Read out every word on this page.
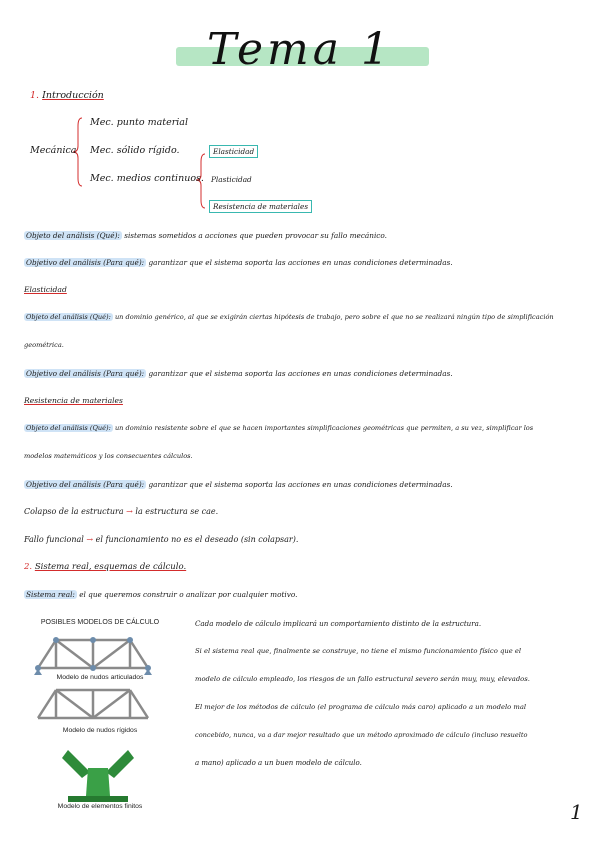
Tema 1
1. Introducción
Mecánica
Mec. punto material
Mec. sólido rígido.
Mec. medios continuos.
Elasticidad
Plasticidad
Resistencia de materiales
Objeto del análisis (Qué): sistemas sometidos a acciones que pueden provocar su fallo mecánico.
Objetivo del análisis (Para qué): garantizar que el sistema soporta las acciones en unas condiciones determinadas.
Elasticidad
Objeto del análisis (Qué): un dominio genérico, al que se exigirán ciertas hipótesis de trabajo, pero sobre el que no se realizará ningún tipo de simplificación
geométrica.
Objetivo del análisis (Para qué): garantizar que el sistema soporta las acciones en unas condiciones determinadas.
Resistencia de materiales
Objeto del análisis (Qué): un dominio resistente sobre el que se hacen importantes simplificaciones geométricas que permiten, a su vez, simplificar los
modelos matemáticos y los consecuentes cálculos.
Objetivo del análisis (Para qué): garantizar que el sistema soporta las acciones en unas condiciones determinadas.
Colapso de la estructura → la estructura se cae.
Fallo funcional → el funcionamiento no es el deseado (sin colapsar).
2. Sistema real, esquemas de cálculo.
Sistema real: el que queremos construir o analizar por cualquier motivo.
POSIBLES MODELOS DE CÁLCULO
Modelo de nudos articulados
Modelo de nudos rígidos
Modelo de elementos finitos
Cada modelo de cálculo implicará un comportamiento distinto de la estructura.
Si el sistema real que, finalmente se construye, no tiene el mismo funcionamiento físico que el
modelo de cálculo empleado, los riesgos de un fallo estructural severo serán muy, muy, elevados.
El mejor de los métodos de cálculo (el programa de cálculo más caro) aplicado a un modelo mal
concebido, nunca, va a dar mejor resultado que un método aproximado de cálculo (incluso resuelto
a mano) aplicado a un buen modelo de cálculo.
1
